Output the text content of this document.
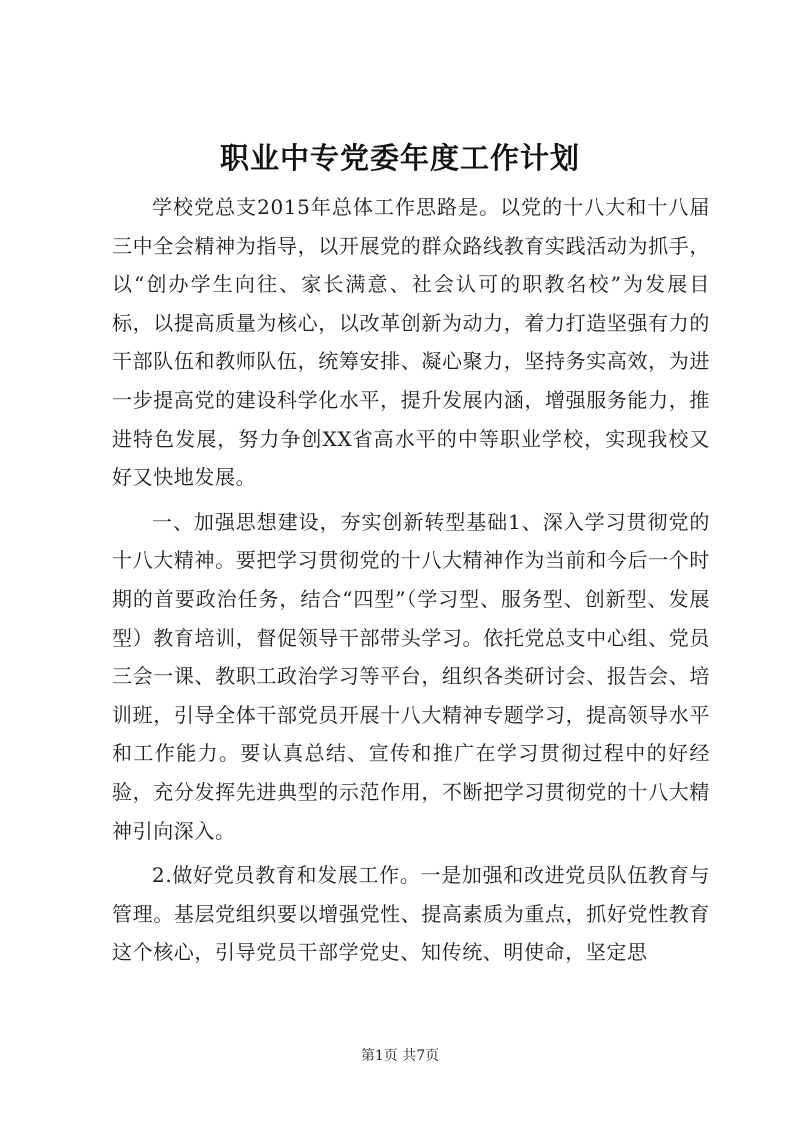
职业中专党委年度工作计划

学校党总支2015年总体工作思路是。以党的十八大和十八届三中全会精神为指导，以开展党的群众路线教育实践活动为抓手，以“创办学生向往、家长满意、社会认可的职教名校”为发展目标，以提高质量为核心，以改革创新为动力，着力打造坚强有力的干部队伍和教师队伍，统筹安排、凝心聚力，坚持务实高效，为进一步提高党的建设科学化水平，提升发展内涵，增强服务能力，推进特色发展，努力争创XX省高水平的中等职业学校，实现我校又好又快地发展。

一、加强思想建设，夯实创新转型基础1、深入学习贯彻党的十八大精神。要把学习贯彻党的十八大精神作为当前和今后一个时期的首要政治任务，结合“四型”（学习型、服务型、创新型、发展型）教育培训，督促领导干部带头学习。依托党总支中心组、党员三会一课、教职工政治学习等平台，组织各类研讨会、报告会、培训班，引导全体干部党员开展十八大精神专题学习，提高领导水平和工作能力。要认真总结、宣传和推广在学习贯彻过程中的好经验，充分发挥先进典型的示范作用，不断把学习贯彻党的十八大精神引向深入。

2.做好党员教育和发展工作。一是加强和改进党员队伍教育与管理。基层党组织要以增强党性、提高素质为重点，抓好党性教育这个核心，引导党员干部学党史、知传统、明使命，坚定思

第1页 共7页
